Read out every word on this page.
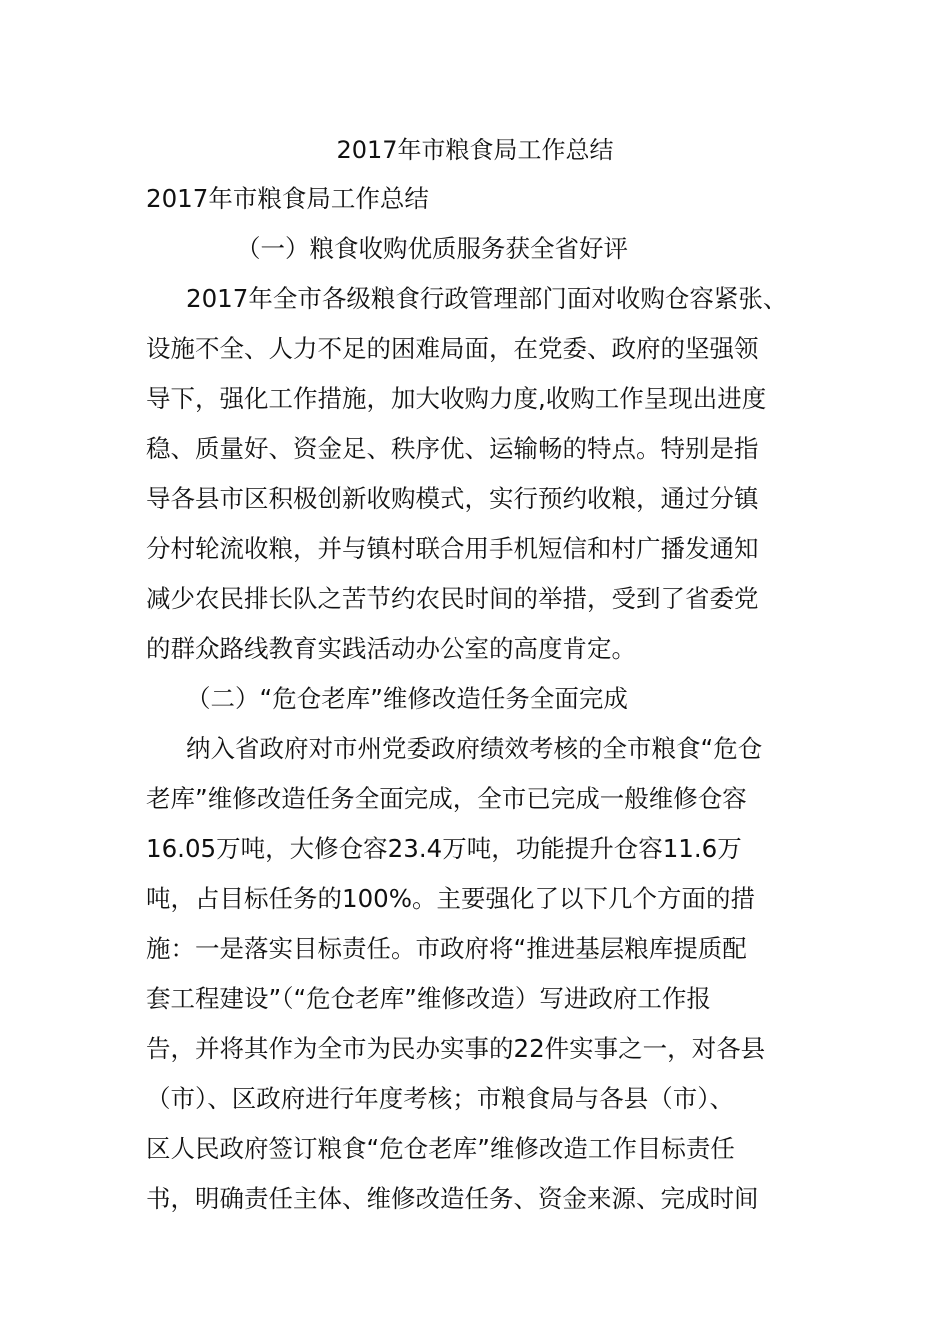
2017年市粮食局工作总结
2017年市粮食局工作总结
（一）粮食收购优质服务获全省好评
2017年全市各级粮食行政管理部门面对收购仓容紧张、
设施不全、人力不足的困难局面，在党委、政府的坚强领
导下，强化工作措施，加大收购力度,收购工作呈现出进度
稳、质量好、资金足、秩序优、运输畅的特点。特别是指
导各县市区积极创新收购模式，实行预约收粮，通过分镇
分村轮流收粮，并与镇村联合用手机短信和村广播发通知
减少农民排长队之苦节约农民时间的举措，受到了省委党
的群众路线教育实践活动办公室的高度肯定。
（二）“危仓老库”维修改造任务全面完成
纳入省政府对市州党委政府绩效考核的全市粮食“危仓
老库”维修改造任务全面完成，全市已完成一般维修仓容
16.05万吨，大修仓容23.4万吨，功能提升仓容11.6万
吨，占目标任务的100%。主要强化了以下几个方面的措
施：一是落实目标责任。市政府将“推进基层粮库提质配
套工程建设”（“危仓老库”维修改造）写进政府工作报
告，并将其作为全市为民办实事的22件实事之一，对各县
（市）、区政府进行年度考核；市粮食局与各县（市）、
区人民政府签订粮食“危仓老库”维修改造工作目标责任
书，明确责任主体、维修改造任务、资金来源、完成时间
